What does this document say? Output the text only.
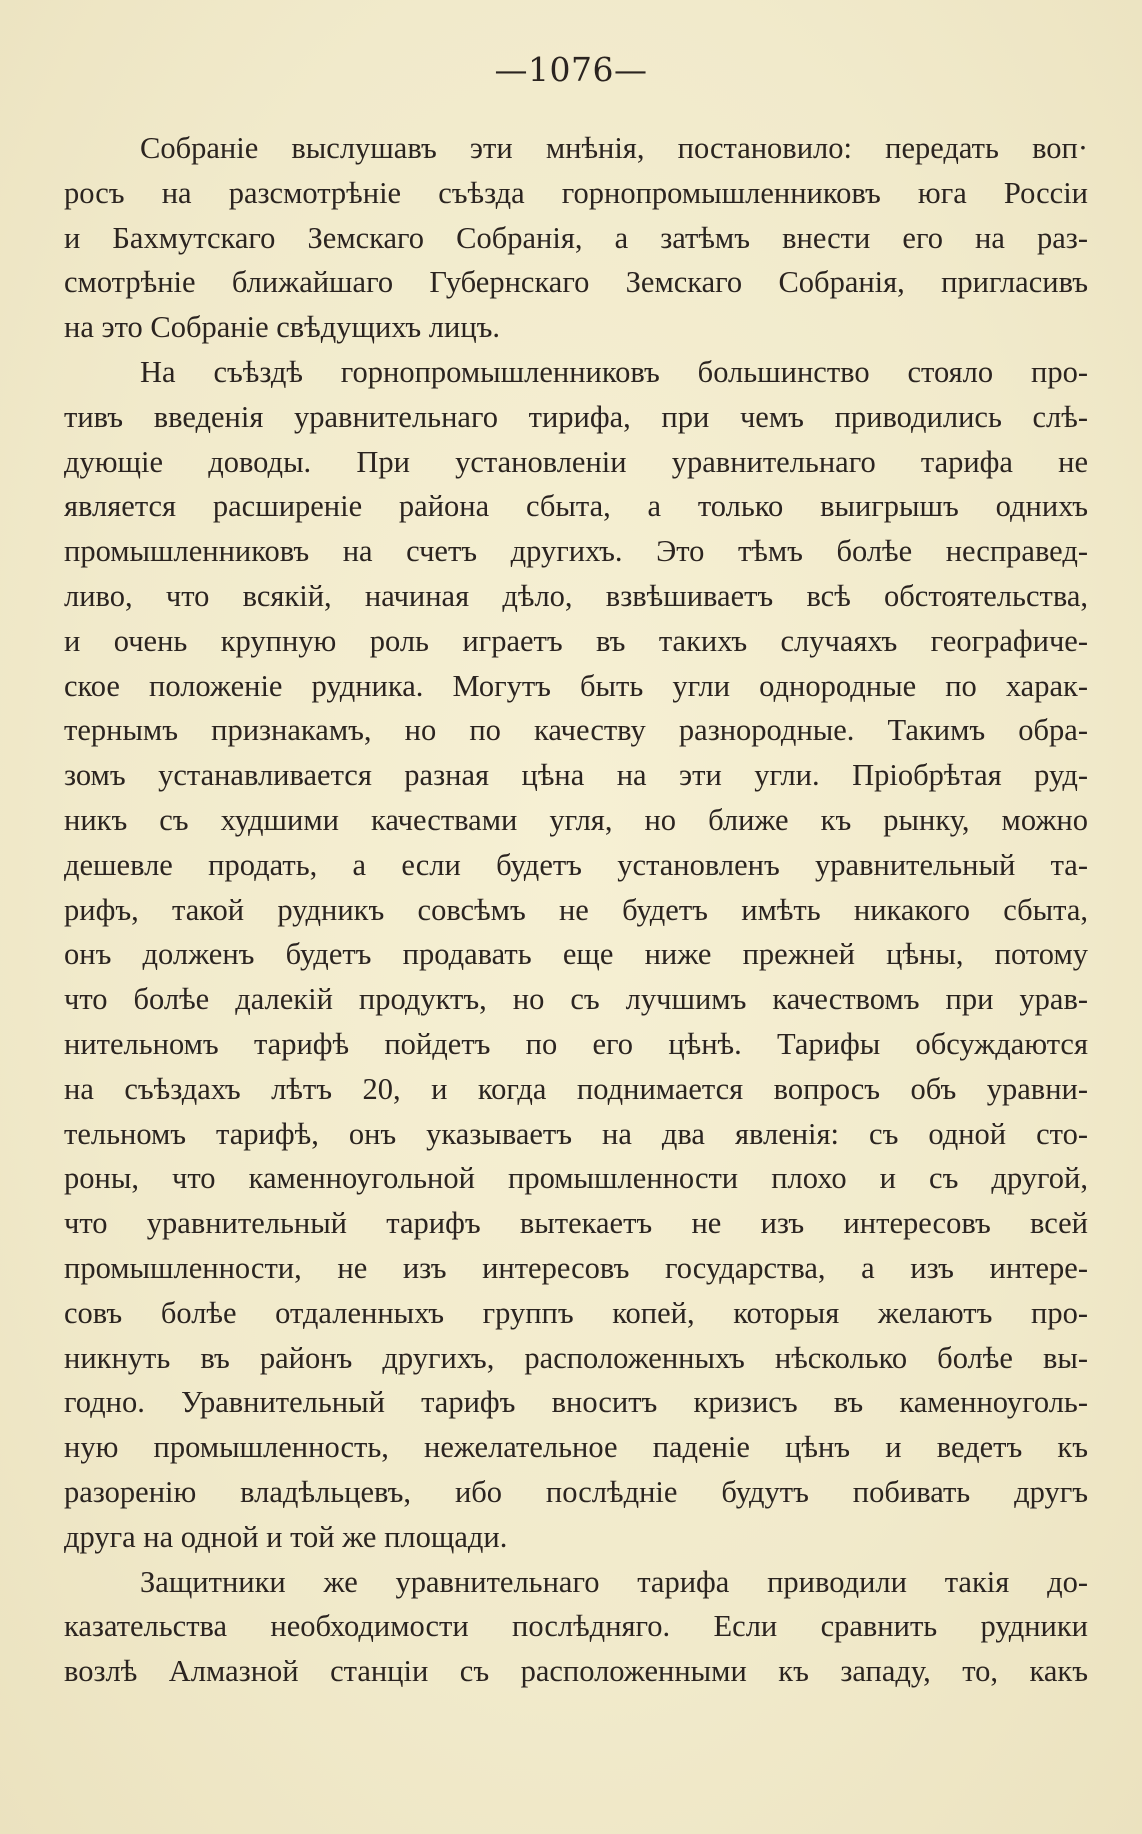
—1076—
Собраніе выслушавъ эти мнѣнія, постановило: передать воп·
росъ на разсмотрѣніе съѣзда горнопромышленниковъ юга Россіи
и Бахмутскаго Земскаго Собранія, а затѣмъ внести его на раз-
смотрѣніе ближайшаго Губернскаго Земскаго Собранія, пригласивъ
на это Собраніе свѣдущихъ лицъ.
На съѣздѣ горнопромышленниковъ большинство стояло про-
тивъ введенія уравнительнаго тирифа, при чемъ приводились слѣ-
дующіе доводы. При установленіи уравнительнаго тарифа не
является расширеніе района сбыта, а только выигрышъ однихъ
промышленниковъ на счетъ другихъ. Это тѣмъ болѣе несправед-
ливо, что всякій, начиная дѣло, взвѣшиваетъ всѣ обстоятельства,
и очень крупную роль играетъ въ такихъ случаяхъ географиче-
ское положеніе рудника. Могутъ быть угли однородные по харак-
тернымъ признакамъ, но по качеству разнородные. Такимъ обра-
зомъ устанавливается разная цѣна на эти угли. Пріобрѣтая руд-
никъ съ худшими качествами угля, но ближе къ рынку, можно
дешевле продать, а если будетъ установленъ уравнительный та-
рифъ, такой рудникъ совсѣмъ не будетъ имѣть никакого сбыта,
онъ долженъ будетъ продавать еще ниже прежней цѣны, потому
что болѣе далекій продуктъ, но съ лучшимъ качествомъ при урав-
нительномъ тарифѣ пойдетъ по его цѣнѣ. Тарифы обсуждаются
на съѣздахъ лѣтъ 20, и когда поднимается вопросъ объ уравни-
тельномъ тарифѣ, онъ указываетъ на два явленія: съ одной сто-
роны, что каменноугольной промышленности плохо и съ другой,
что уравнительный тарифъ вытекаетъ не изъ интересовъ всей
промышленности, не изъ интересовъ государства, а изъ интере-
совъ болѣе отдаленныхъ группъ копей, которыя желаютъ про-
никнуть въ районъ другихъ, расположенныхъ нѣсколько болѣе вы-
годно. Уравнительный тарифъ вноситъ кризисъ въ каменноуголь-
ную промышленность, нежелательное паденіе цѣнъ и ведетъ къ
разоренію владѣльцевъ, ибо послѣдніе будутъ побивать другъ
друга на одной и той же площади.
Защитники же уравнительнаго тарифа приводили такія до-
казательства необходимости послѣдняго. Если сравнить рудники
возлѣ Алмазной станціи съ расположенными къ западу, то, какъ
